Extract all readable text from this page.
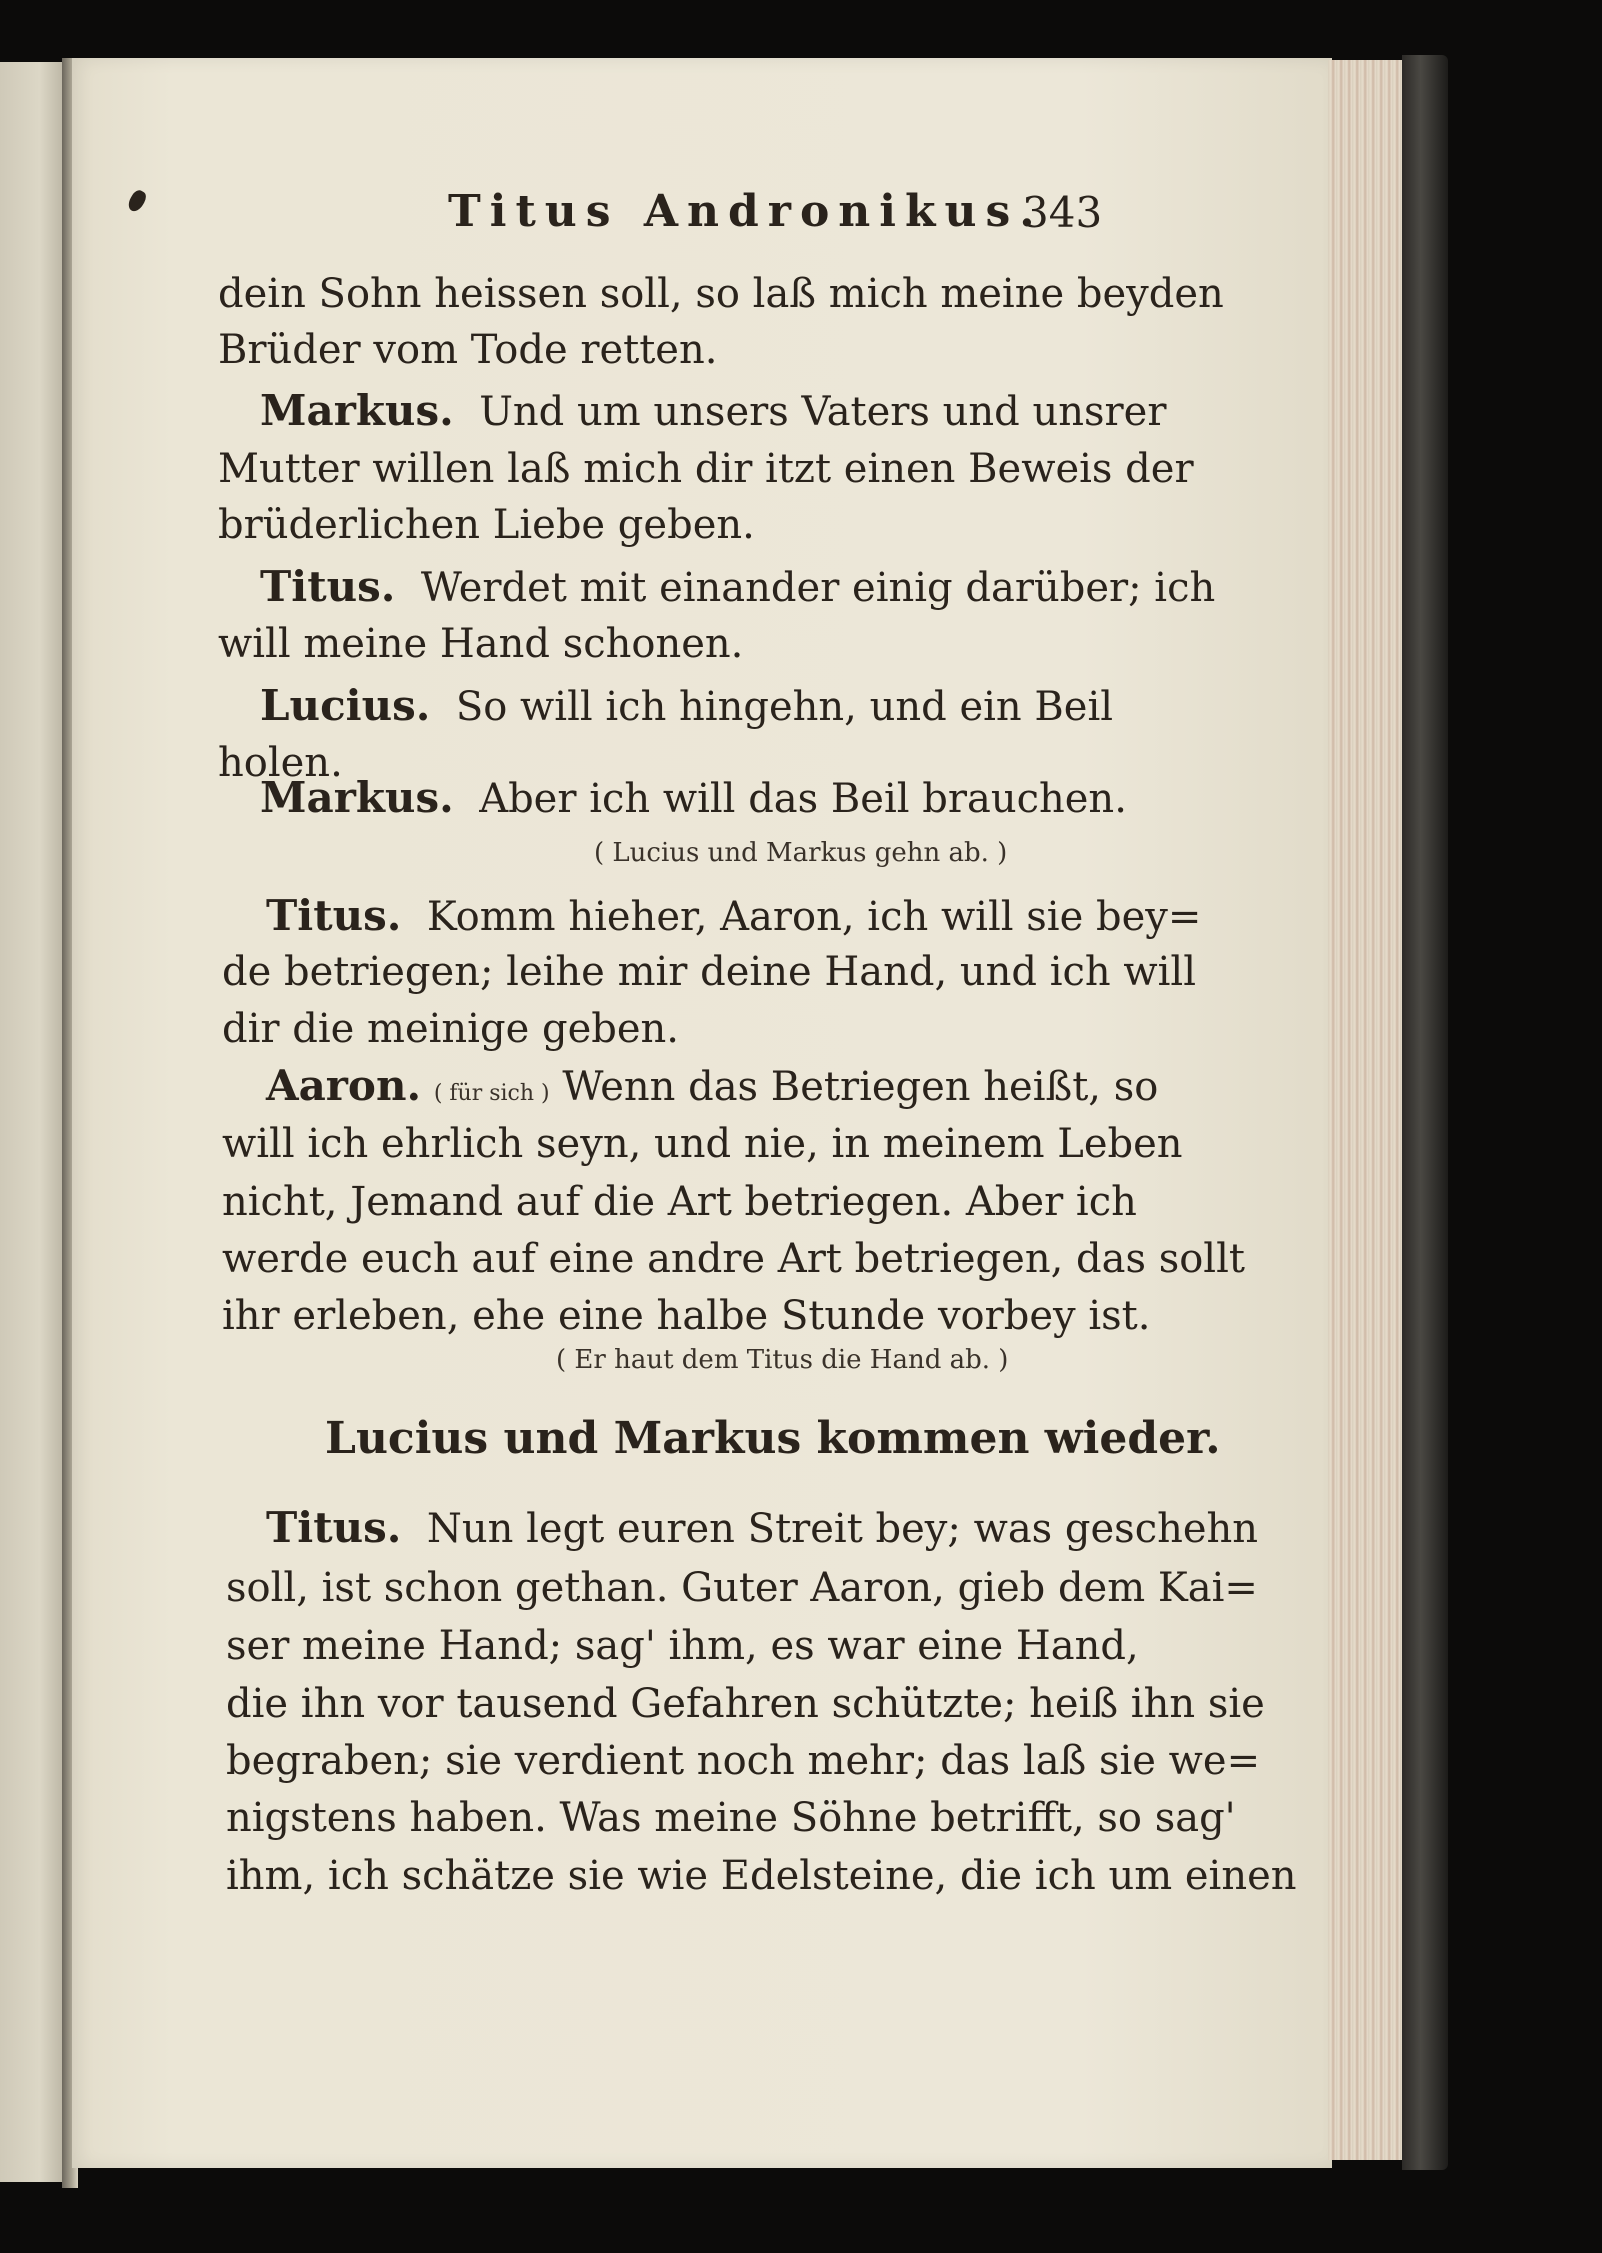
Titus Andronikus.
343
dein Sohn heissen soll, so laß mich meine beyden
Brüder vom Tode retten.
Markus. Und um unsers Vaters und unsrer
Mutter willen laß mich dir itzt einen Beweis der
brüderlichen Liebe geben.
Titus. Werdet mit einander einig darüber; ich
will meine Hand schonen.
Lucius. So will ich hingehn, und ein Beil
holen.
Markus. Aber ich will das Beil brauchen.
( Lucius und Markus gehn ab. )
Titus. Komm hieher, Aaron, ich will sie bey=
de betriegen; leihe mir deine Hand, und ich will
dir die meinige geben.
Aaron. ( für sich ) Wenn das Betriegen heißt, so
will ich ehrlich seyn, und nie, in meinem Leben
nicht, Jemand auf die Art betriegen. Aber ich
werde euch auf eine andre Art betriegen, das sollt
ihr erleben, ehe eine halbe Stunde vorbey ist.
( Er haut dem Titus die Hand ab. )
Lucius und Markus kommen wieder.
Titus. Nun legt euren Streit bey; was geschehn
soll, ist schon gethan. Guter Aaron, gieb dem Kai=
ser meine Hand; sag' ihm, es war eine Hand,
die ihn vor tausend Gefahren schützte; heiß ihn sie
begraben; sie verdient noch mehr; das laß sie we=
nigstens haben. Was meine Söhne betrifft, so sag'
ihm, ich schätze sie wie Edelsteine, die ich um einen
